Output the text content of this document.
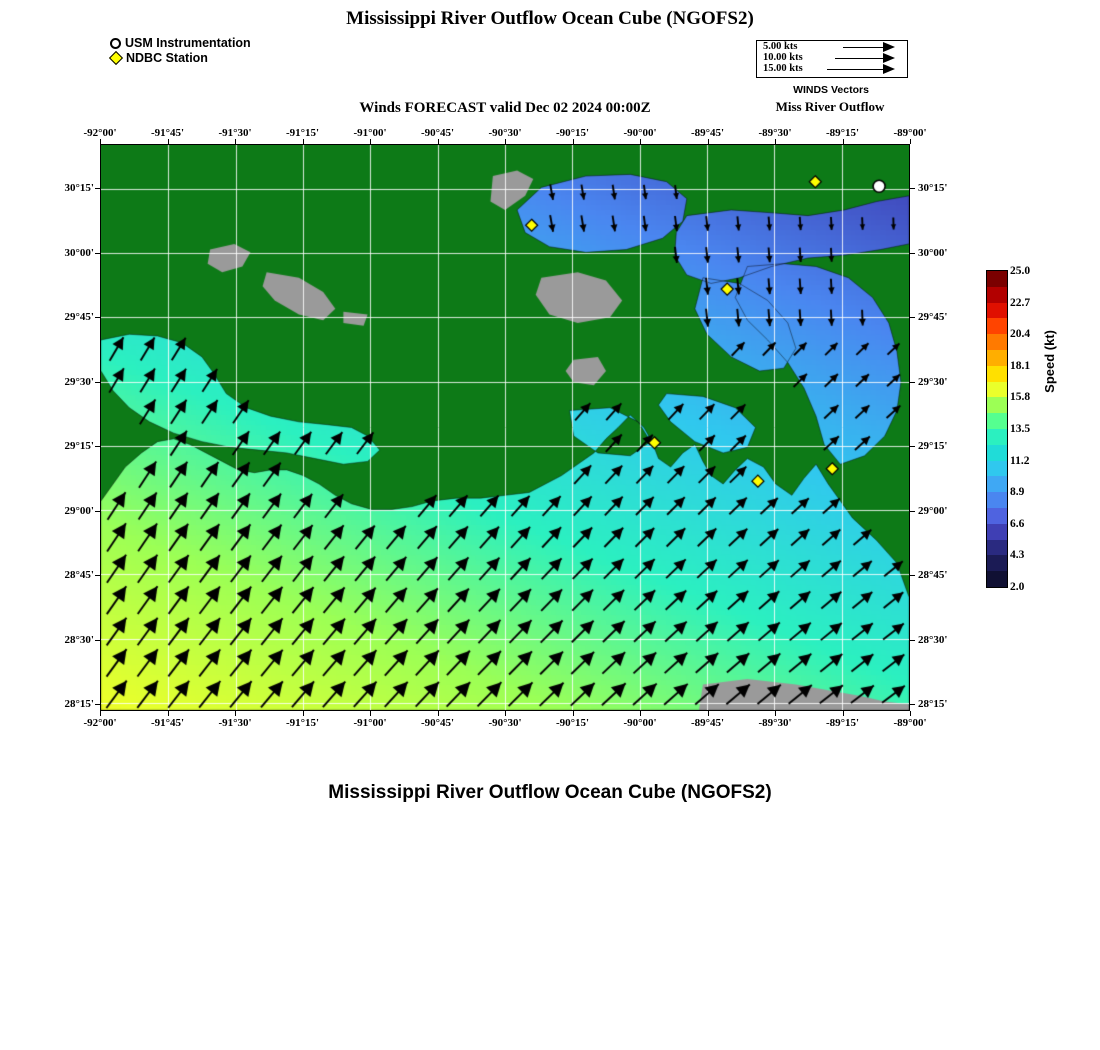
Mississippi River Outflow Ocean Cube (NGOFS2)
Winds FORECAST valid Dec 02 2024 00:00Z
Mississippi River Outflow Ocean Cube (NGOFS2)
Miss River Outflow
USM Instrumentation
NDBC Station
5.00 kts
10.00 kts
15.00 kts
WINDS Vectors
-92°00'
-92°00'
-91°45'
-91°45'
-91°30'
-91°30'
-91°15'
-91°15'
-91°00'
-91°00'
-90°45'
-90°45'
-90°30'
-90°30'
-90°15'
-90°15'
-90°00'
-90°00'
-89°45'
-89°45'
-89°30'
-89°30'
-89°15'
-89°15'
-89°00'
-89°00'
30°15'	30°15'
30°00'	30°00'
29°45'	29°45'
29°30'	29°30'
29°15'	29°15'
29°00'	29°00'
28°45'	28°45'
28°30'	28°30'
28°15'	28°15'
25.0
22.7
20.4
18.1
15.8
13.5
11.2
8.9
6.6
4.3
2.0
Speed (kt)
